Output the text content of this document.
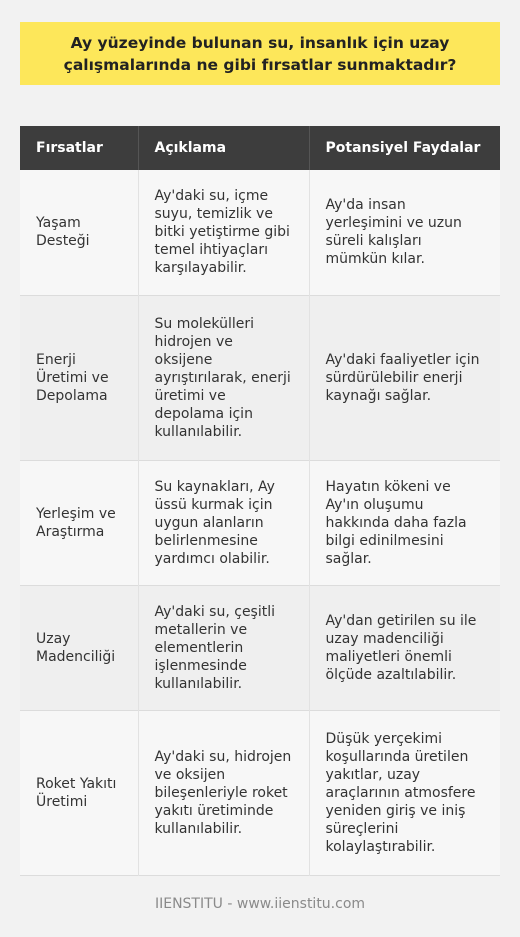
Ay yüzeyinde bulunan su, insanlık için uzay çalışmalarında ne gibi fırsatlar sunmaktadır?
Fırsatlar	Açıklama	Potansiyel Faydalar
Yaşam Desteği	Ay'daki su, içme suyu, temizlik ve bitki yetiştirme gibi temel ihtiyaçları karşılayabilir.	Ay'da insan yerleşimini ve uzun süreli kalışları mümkün kılar.
Enerji Üretimi ve Depolama	Su molekülleri hidrojen ve oksijene ayrıştırılarak, enerji üretimi ve depolama için kullanılabilir.	Ay'daki faaliyetler için sürdürülebilir enerji kaynağı sağlar.
Yerleşim ve Araştırma	Su kaynakları, Ay üssü kurmak için uygun alanların belirlenmesine yardımcı olabilir.	Hayatın kökeni ve Ay'ın oluşumu hakkında daha fazla bilgi edinilmesini sağlar.
Uzay Madenciliği	Ay'daki su, çeşitli metallerin ve elementlerin işlenmesinde kullanılabilir.	Ay'dan getirilen su ile uzay madenciliği maliyetleri önemli ölçüde azaltılabilir.
Roket Yakıtı Üretimi	Ay'daki su, hidrojen ve oksijen bileşenleriyle roket yakıtı üretiminde kullanılabilir.	Düşük yerçekimi koşullarında üretilen yakıtlar, uzay araçlarının atmosfere yeniden giriş ve iniş süreçlerini kolaylaştırabilir.
IIENSTITU - www.iienstitu.com
